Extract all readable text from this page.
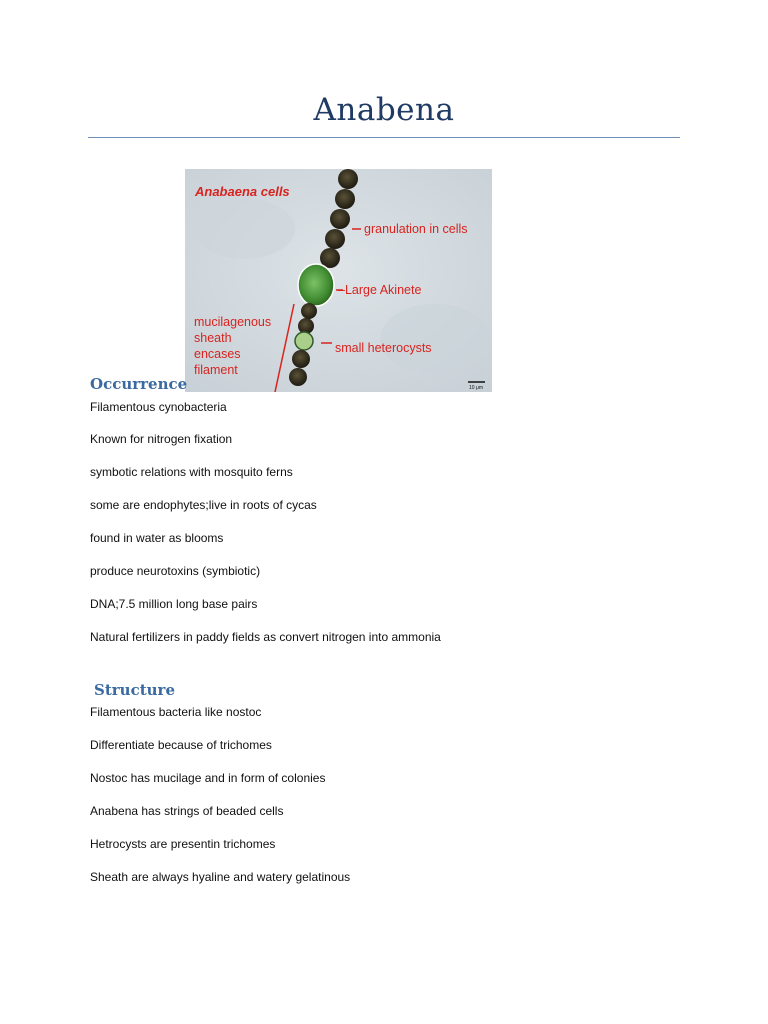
Anabena
Anabaena cells
granulation in cells
–Large Akinete
mucilagenous
sheath
encases
filament
small heterocysts
10 μm
Occurrence
Filamentous cynobacteria
Known for nitrogen fixation
symbotic relations with mosquito ferns
some are endophytes;live in roots of cycas
found in water as blooms
produce neurotoxins (symbiotic)
DNA;7.5 million long base pairs
Natural fertilizers in paddy fields as convert nitrogen into ammonia
Structure
Filamentous bacteria like nostoc
Differentiate because of trichomes
Nostoc has mucilage and in form of colonies
Anabena has strings of beaded cells
Hetrocysts are presentin trichomes
Sheath are always hyaline and watery gelatinous
